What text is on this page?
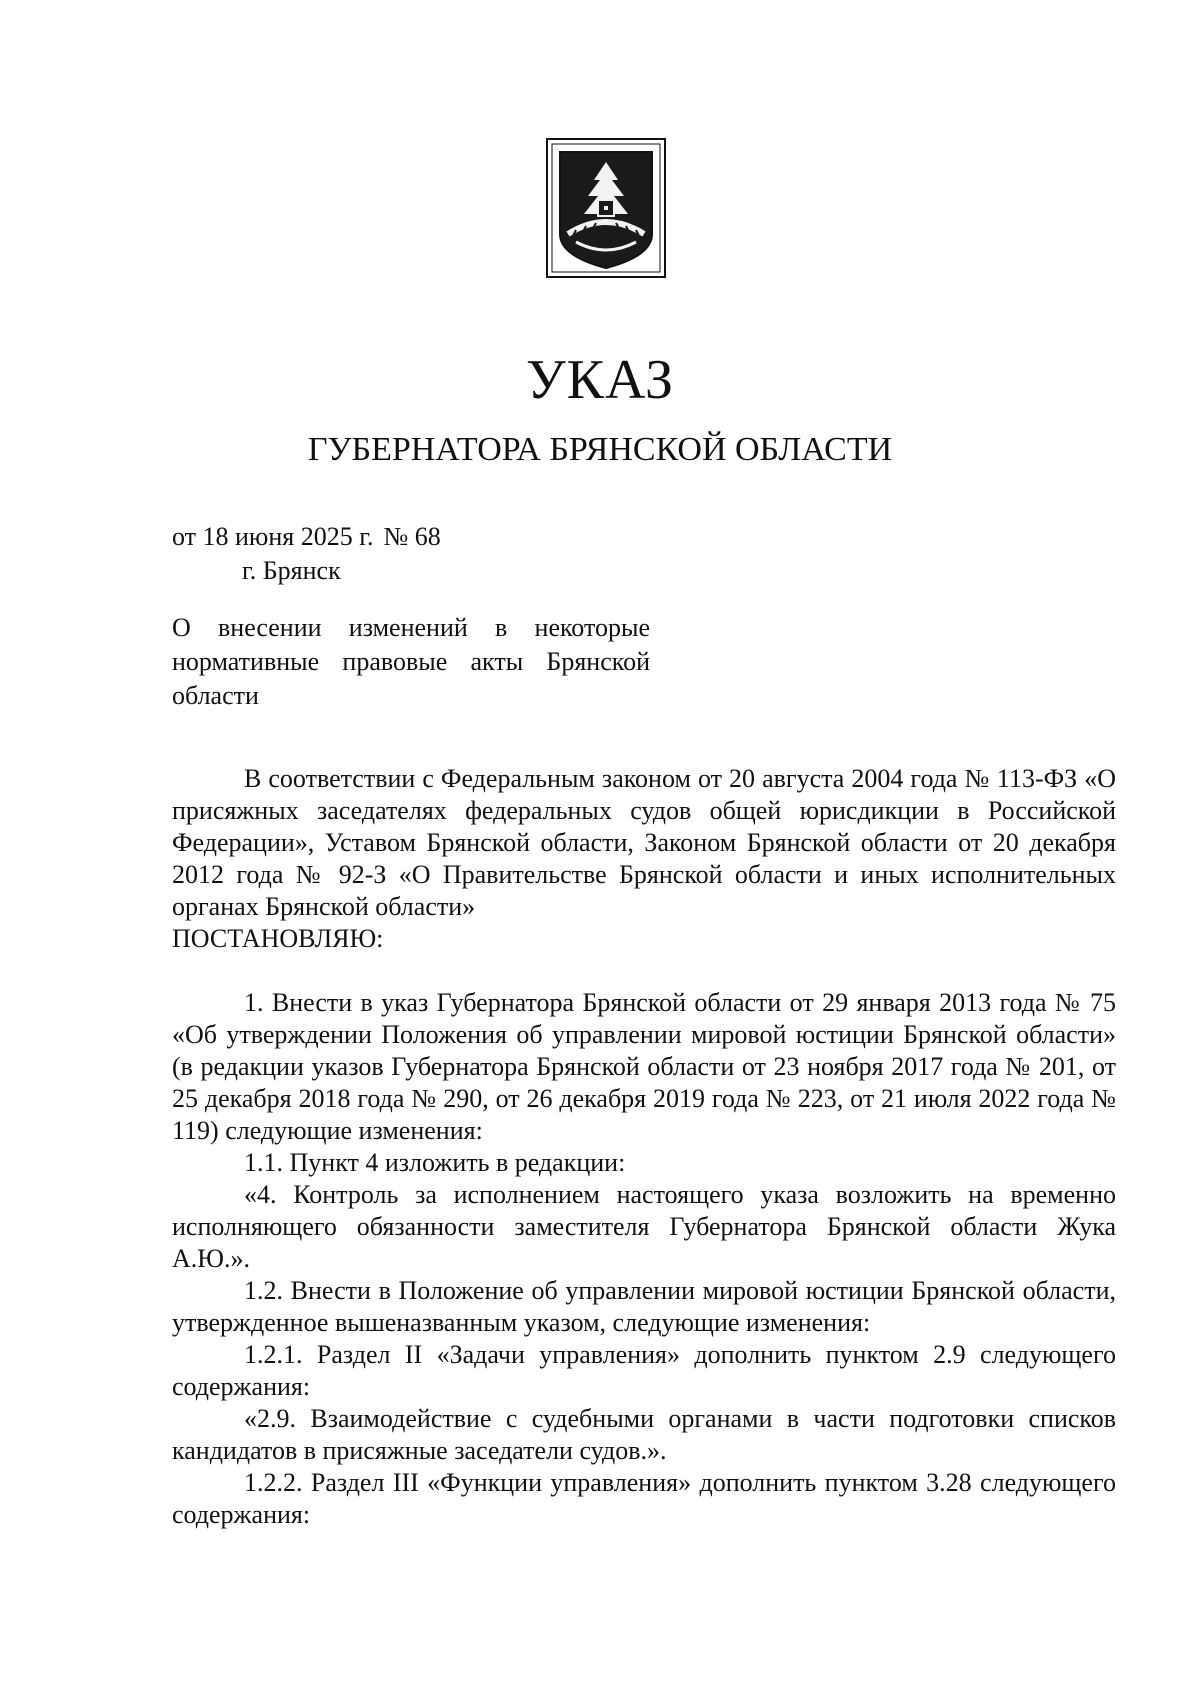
УКАЗ
ГУБЕРНАТОРА БРЯНСКОЙ ОБЛАСТИ
от 18 июня 2025 г. № 68
г. Брянск
О внесении изменений в некоторые нормативные правовые акты Брянской области

В соответствии с Федеральным законом от 20 августа 2004 года № 113-ФЗ «О присяжных заседателях федеральных судов общей юрисдикции в Российской Федерации», Уставом Брянской области, Законом Брянской области от 20 декабря 2012 года № 92-З «О Правительстве Брянской области и иных исполнительных органах Брянской области»

ПОСТАНОВЛЯЮ:

1. Внести в указ Губернатора Брянской области от 29 января 2013 года № 75 «Об утверждении Положения об управлении мировой юстиции Брянской области» (в редакции указов Губернатора Брянской области от 23 ноября 2017 года № 201, от 25 декабря 2018 года № 290, от 26 декабря 2019 года № 223, от 21 июля 2022 года № 119) следующие изменения:

1.1. Пункт 4 изложить в редакции:

«4. Контроль за исполнением настоящего указа возложить на временно исполняющего обязанности заместителя Губернатора Брянской области Жука А.Ю.».

1.2. Внести в Положение об управлении мировой юстиции Брянской области, утвержденное вышеназванным указом, следующие изменения:

1.2.1. Раздел II «Задачи управления» дополнить пунктом 2.9 следующего содержания:

«2.9. Взаимодействие с судебными органами в части подготовки списков кандидатов в присяжные заседатели судов.».

1.2.2. Раздел III «Функции управления» дополнить пунктом 3.28 следующего содержания:
